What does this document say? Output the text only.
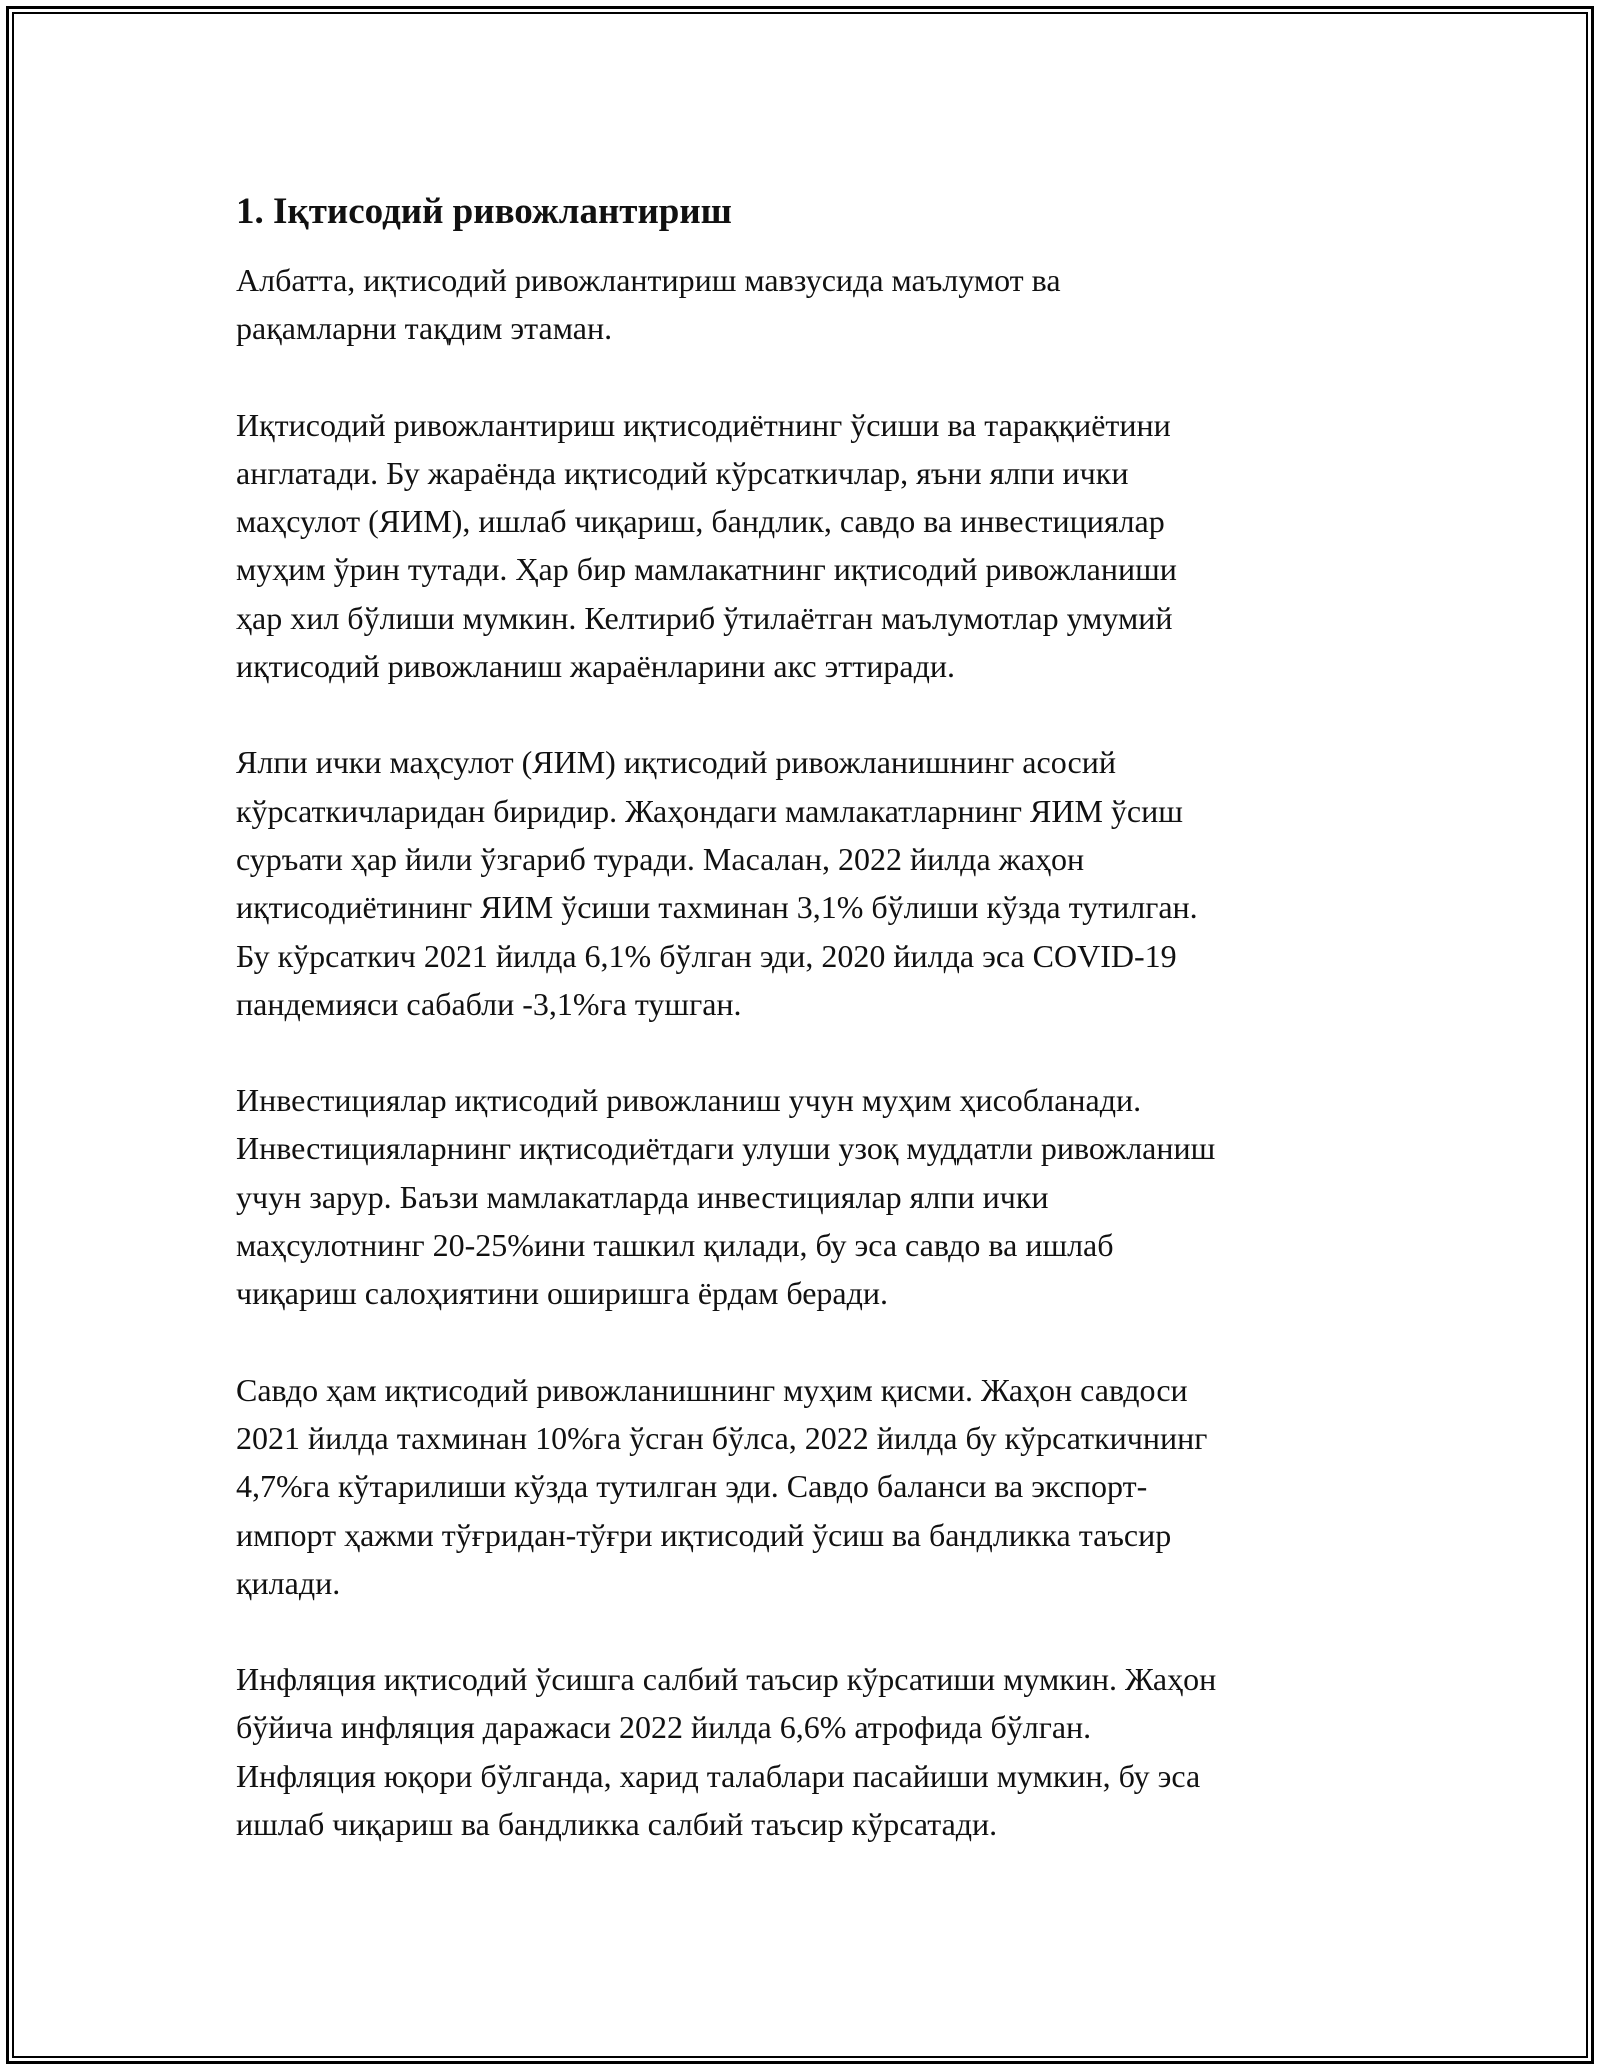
1. Iқтисодий ривожлантириш
Албатта, иқтисодий ривожлантириш мавзусида маълумот ва
рақамларни тақдим этаман.
Иқтисодий ривожлантириш иқтисодиётнинг ўсиши ва тараққиётини
англатади. Бу жараёнда иқтисодий кўрсаткичлар, яъни ялпи ички
маҳсулот (ЯИМ), ишлаб чиқариш, бандлик, савдо ва инвестициялар
муҳим ўрин тутади. Ҳар бир мамлакатнинг иқтисодий ривожланиши
ҳар хил бўлиши мумкин. Келтириб ўтилаётган маълумотлар умумий
иқтисодий ривожланиш жараёнларини акс эттиради.
Ялпи ички маҳсулот (ЯИМ) иқтисодий ривожланишнинг асосий
кўрсаткичларидан биридир. Жаҳондаги мамлакатларнинг ЯИМ ўсиш
суръати ҳар йили ўзгариб туради. Масалан, 2022 йилда жаҳон
иқтисодиётининг ЯИМ ўсиши тахминан 3,1% бўлиши кўзда тутилган.
Бу кўрсаткич 2021 йилда 6,1% бўлган эди, 2020 йилда эса COVID-19
пандемияси сабабли -3,1%га тушган.
Инвестициялар иқтисодий ривожланиш учун муҳим ҳисобланади.
Инвестицияларнинг иқтисодиётдаги улуши узоқ муддатли ривожланиш
учун зарур. Баъзи мамлакатларда инвестициялар ялпи ички
маҳсулотнинг 20-25%ини ташкил қилади, бу эса савдо ва ишлаб
чиқариш салоҳиятини оширишга ёрдам беради.
Савдо ҳам иқтисодий ривожланишнинг муҳим қисми. Жаҳон савдоси
2021 йилда тахминан 10%га ўсган бўлса, 2022 йилда бу кўрсаткичнинг
4,7%га кўтарилиши кўзда тутилган эди. Савдо баланси ва экспорт-
импорт ҳажми тўғридан-тўғри иқтисодий ўсиш ва бандликка таъсир
қилади.
Инфляция иқтисодий ўсишга салбий таъсир кўрсатиши мумкин. Жаҳон
бўйича инфляция даражаси 2022 йилда 6,6% атрофида бўлган.
Инфляция юқори бўлганда, харид талаблари пасайиши мумкин, бу эса
ишлаб чиқариш ва бандликка салбий таъсир кўрсатади.
